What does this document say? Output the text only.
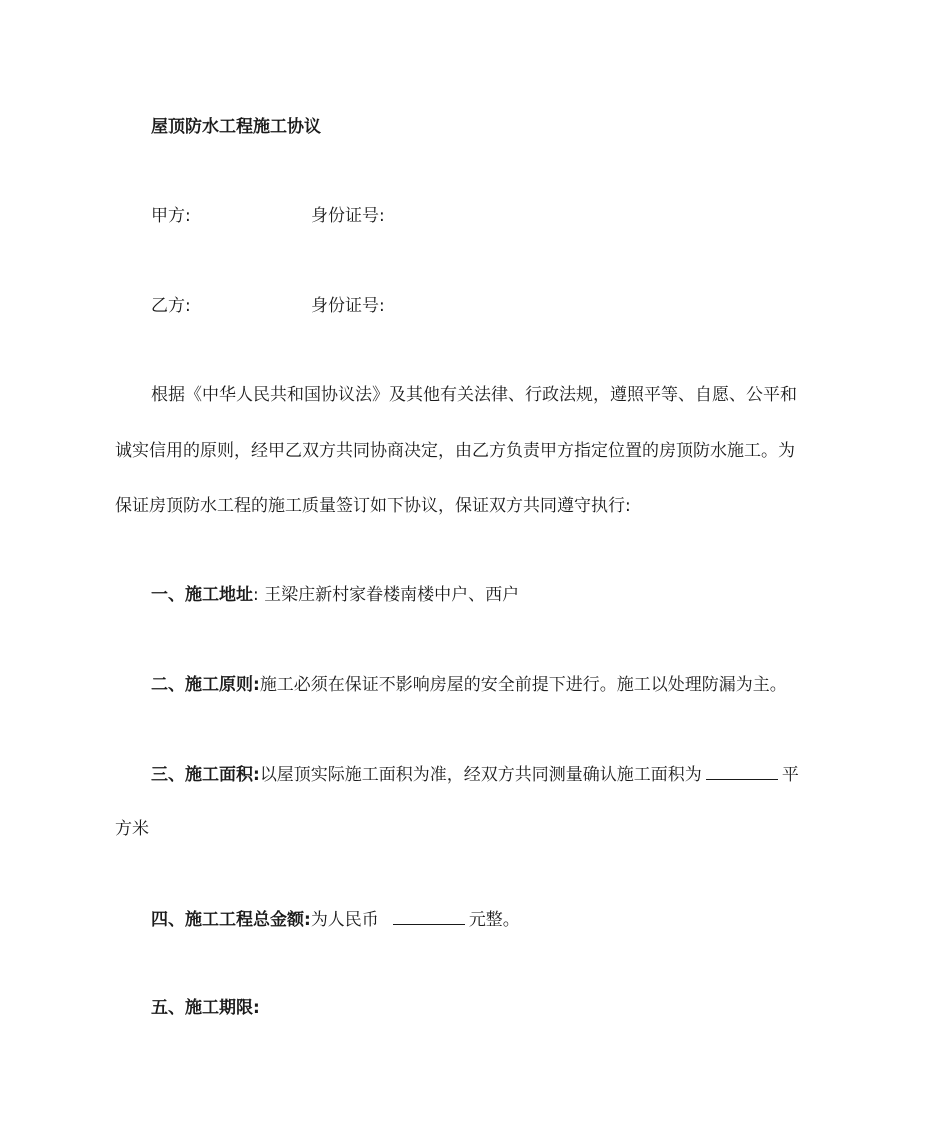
屋顶防水工程施工协议
甲方:	身份证号:
乙方:	身份证号:
根据《中华人民共和国协议法》及其他有关法律、行政法规，遵照平等、自愿、公平和
诚实信用的原则，经甲乙双方共同协商决定，由乙方负责甲方指定位置的房顶防水施工。为
保证房顶防水工程的施工质量签订如下协议，保证双方共同遵守执行:
一、施工地址: 王梁庄新村家眷楼南楼中户、西户
二、施工原则:施工必须在保证不影响房屋的安全前提下进行。施工以处理防漏为主。
三、施工面积:以屋顶实际施工面积为准，经双方共同测量确认施工面积为	平
方米
四、施工工程总金额:为人民币	元整。
五、施工期限:
